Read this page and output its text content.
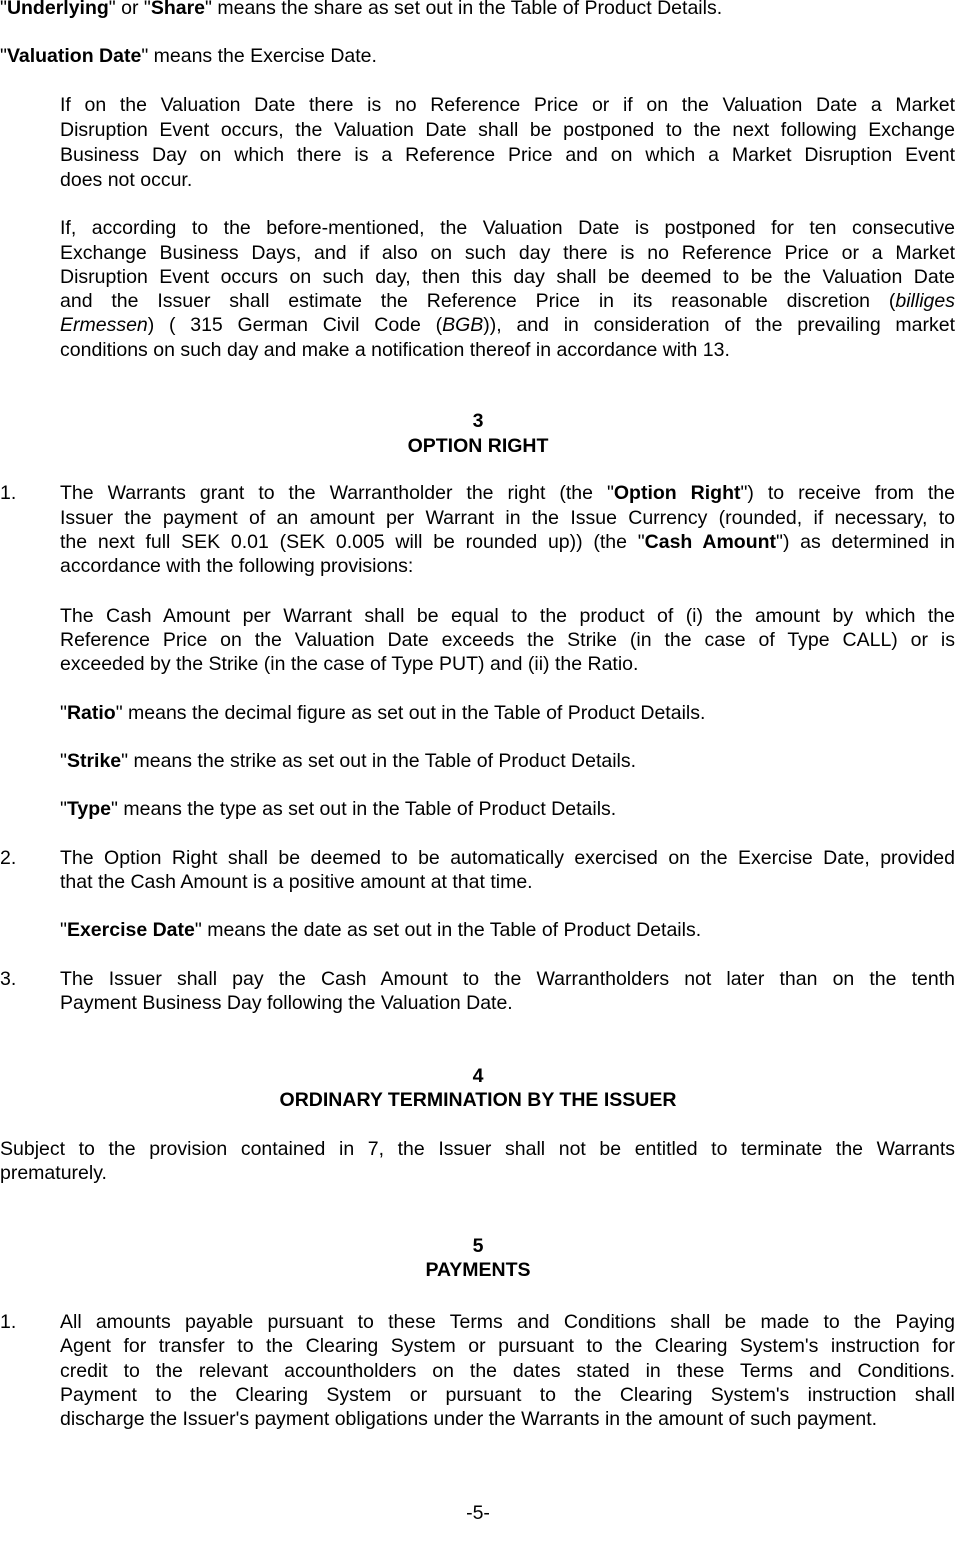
"Underlying" or "Share" means the share as set out in the Table of Product Details.
"Valuation Date" means the Exercise Date.
If on the Valuation Date there is no Reference Price or if on the Valuation Date a Market
Disruption Event occurs, the Valuation Date shall be postponed to the next following Exchange
Business Day on which there is a Reference Price and on which a Market Disruption Event
does not occur.
If, according to the before-mentioned, the Valuation Date is postponed for ten consecutive
Exchange Business Days, and if also on such day there is no Reference Price or a Market
Disruption Event occurs on such day, then this day shall be deemed to be the Valuation Date
and the Issuer shall estimate the Reference Price in its reasonable discretion (billiges
Ermessen) ( 315 German Civil Code (BGB)), and in consideration of the prevailing market
conditions on such day and make a notification thereof in accordance with 13.
3
OPTION RIGHT
1. The Warrants grant to the Warrantholder the right (the "Option Right") to receive from the
Issuer the payment of an amount per Warrant in the Issue Currency (rounded, if necessary, to
the next full SEK 0.01 (SEK 0.005 will be rounded up)) (the "Cash Amount") as determined in
accordance with the following provisions:
The Cash Amount per Warrant shall be equal to the product of (i) the amount by which the
Reference Price on the Valuation Date exceeds the Strike (in the case of Type CALL) or is
exceeded by the Strike (in the case of Type PUT) and (ii) the Ratio.
"Ratio" means the decimal figure as set out in the Table of Product Details.
"Strike" means the strike as set out in the Table of Product Details.
"Type" means the type as set out in the Table of Product Details.
2. The Option Right shall be deemed to be automatically exercised on the Exercise Date, provided
that the Cash Amount is a positive amount at that time.
"Exercise Date" means the date as set out in the Table of Product Details.
3. The Issuer shall pay the Cash Amount to the Warrantholders not later than on the tenth
Payment Business Day following the Valuation Date.
4
ORDINARY TERMINATION BY THE ISSUER
Subject to the provision contained in 7, the Issuer shall not be entitled to terminate the Warrants
prematurely.
5
PAYMENTS
1. All amounts payable pursuant to these Terms and Conditions shall be made to the Paying
Agent for transfer to the Clearing System or pursuant to the Clearing System's instruction for
credit to the relevant accountholders on the dates stated in these Terms and Conditions.
Payment to the Clearing System or pursuant to the Clearing System's instruction shall
discharge the Issuer's payment obligations under the Warrants in the amount of such payment.
-5-
